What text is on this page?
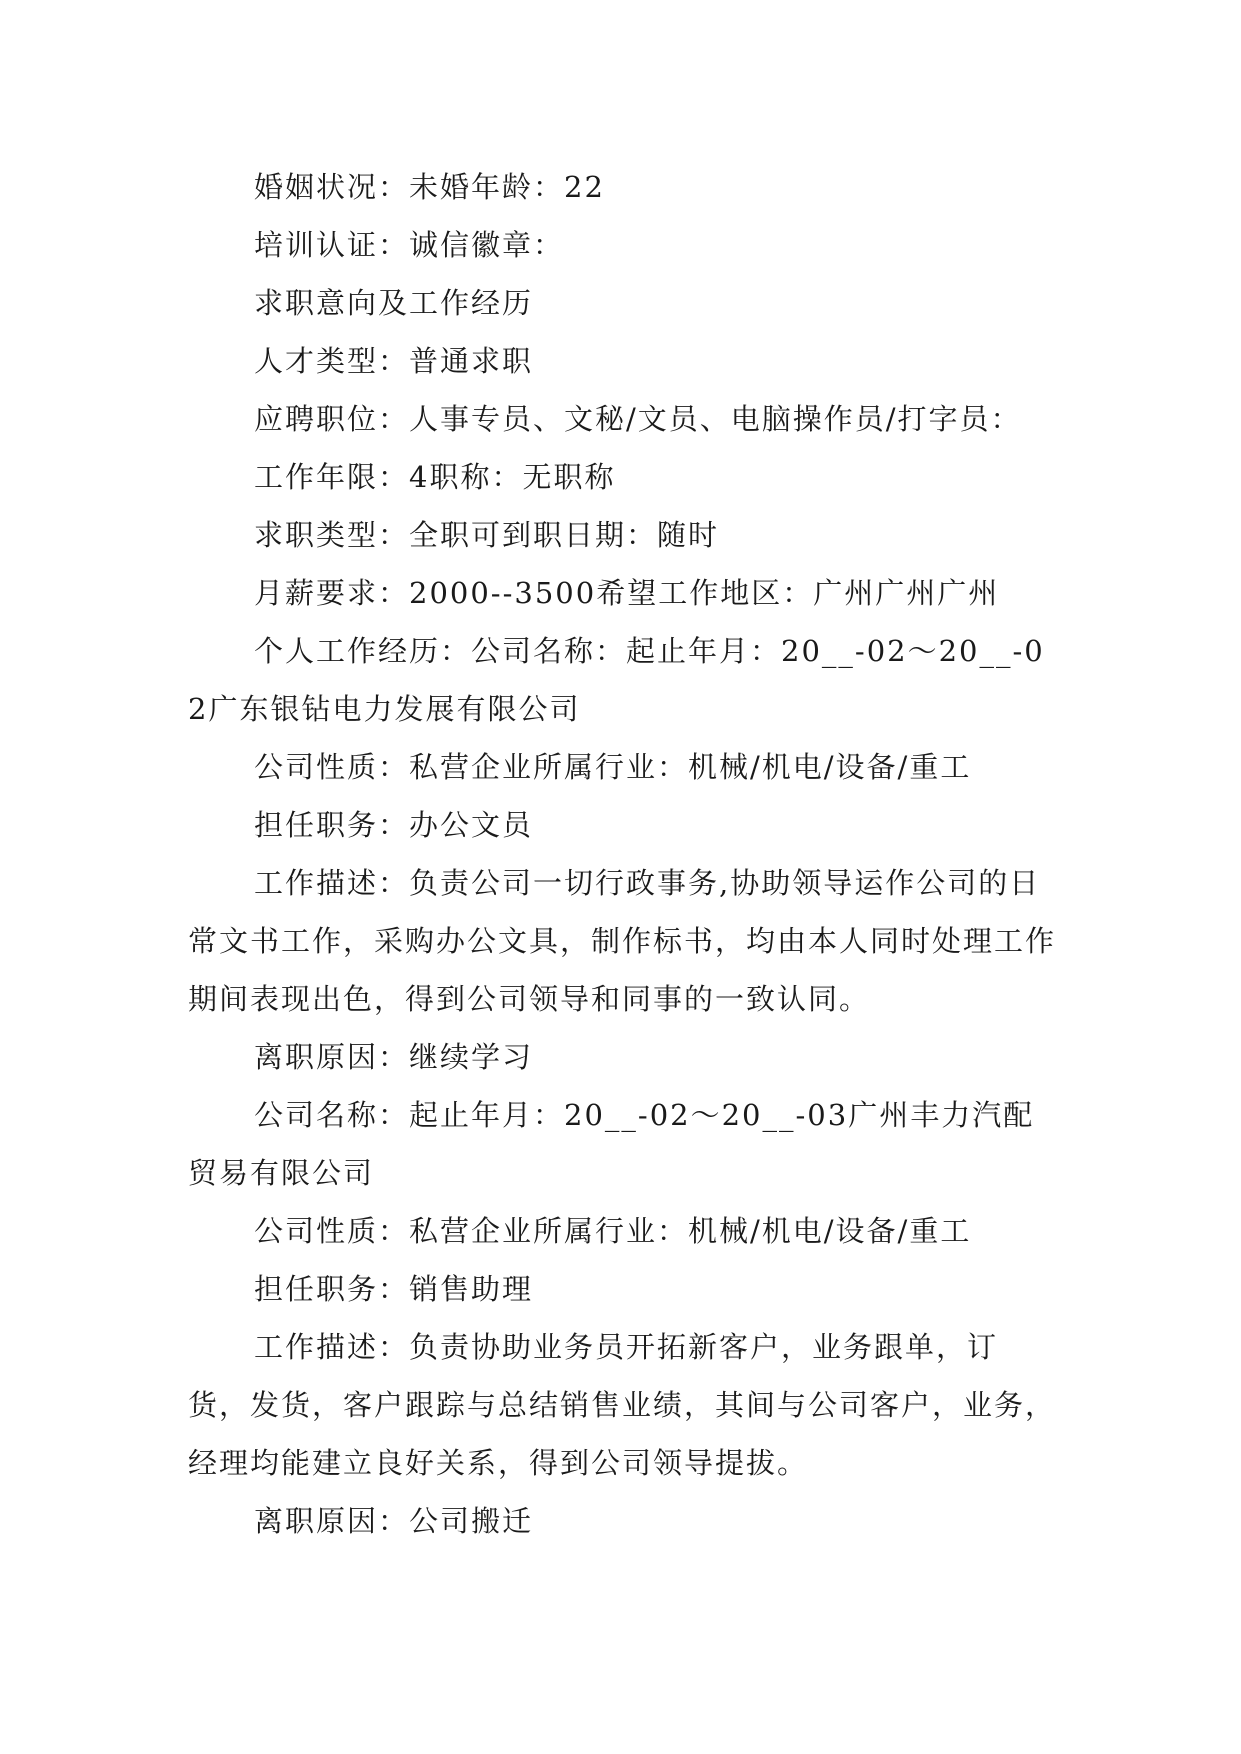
婚姻状况：未婚年龄：22

培训认证：诚信徽章：

求职意向及工作经历

人才类型：普通求职

应聘职位：人事专员、文秘/文员、电脑操作员/打字员：

工作年限：4职称：无职称

求职类型：全职可到职日期：随时

月薪要求：2000--3500希望工作地区：广州广州广州

个人工作经历：公司名称：起止年月：20__-02～20__-02广东银钻电力发展有限公司

公司性质：私营企业所属行业：机械/机电/设备/重工

担任职务：办公文员

工作描述：负责公司一切行政事务,协助领导运作公司的日常文书工作，采购办公文具，制作标书，均由本人同时处理工作期间表现出色，得到公司领导和同事的一致认同。

离职原因：继续学习

公司名称：起止年月：20__-02～20__-03广州丰力汽配贸易有限公司

公司性质：私营企业所属行业：机械/机电/设备/重工

担任职务：销售助理

工作描述：负责协助业务员开拓新客户，业务跟单，订货，发货，客户跟踪与总结销售业绩，其间与公司客户，业务，经理均能建立良好关系，得到公司领导提拔。

离职原因：公司搬迁
